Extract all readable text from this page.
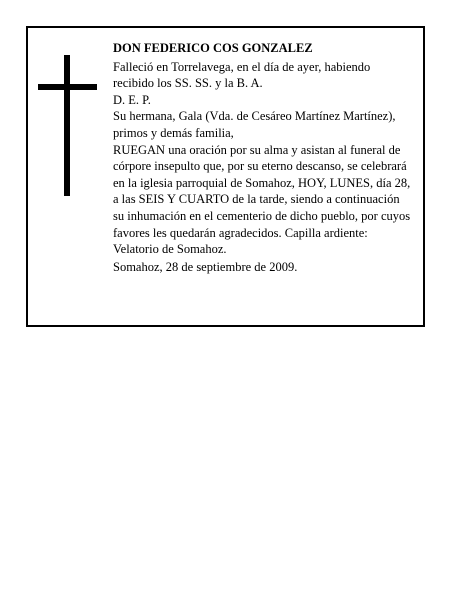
DON FEDERICO COS GONZALEZ

Falleció en Torrelavega, en el día de ayer, habiendo recibido los SS. SS. y la B. A.

D. E. P.

Su hermana, Gala (Vda. de Cesáreo Martínez Martínez), primos y demás familia,

RUEGAN una oración por su alma y asistan al funeral de córpore insepulto que, por su eterno descanso, se celebrará en la iglesia parroquial de Somahoz, HOY, LUNES, día 28, a las SEIS Y CUARTO de la tarde, siendo a continuación su inhumación en el cementerio de dicho pueblo, por cuyos favores les quedarán agradecidos. Capilla ardiente: Velatorio de Somahoz.

Somahoz, 28 de septiembre de 2009.
